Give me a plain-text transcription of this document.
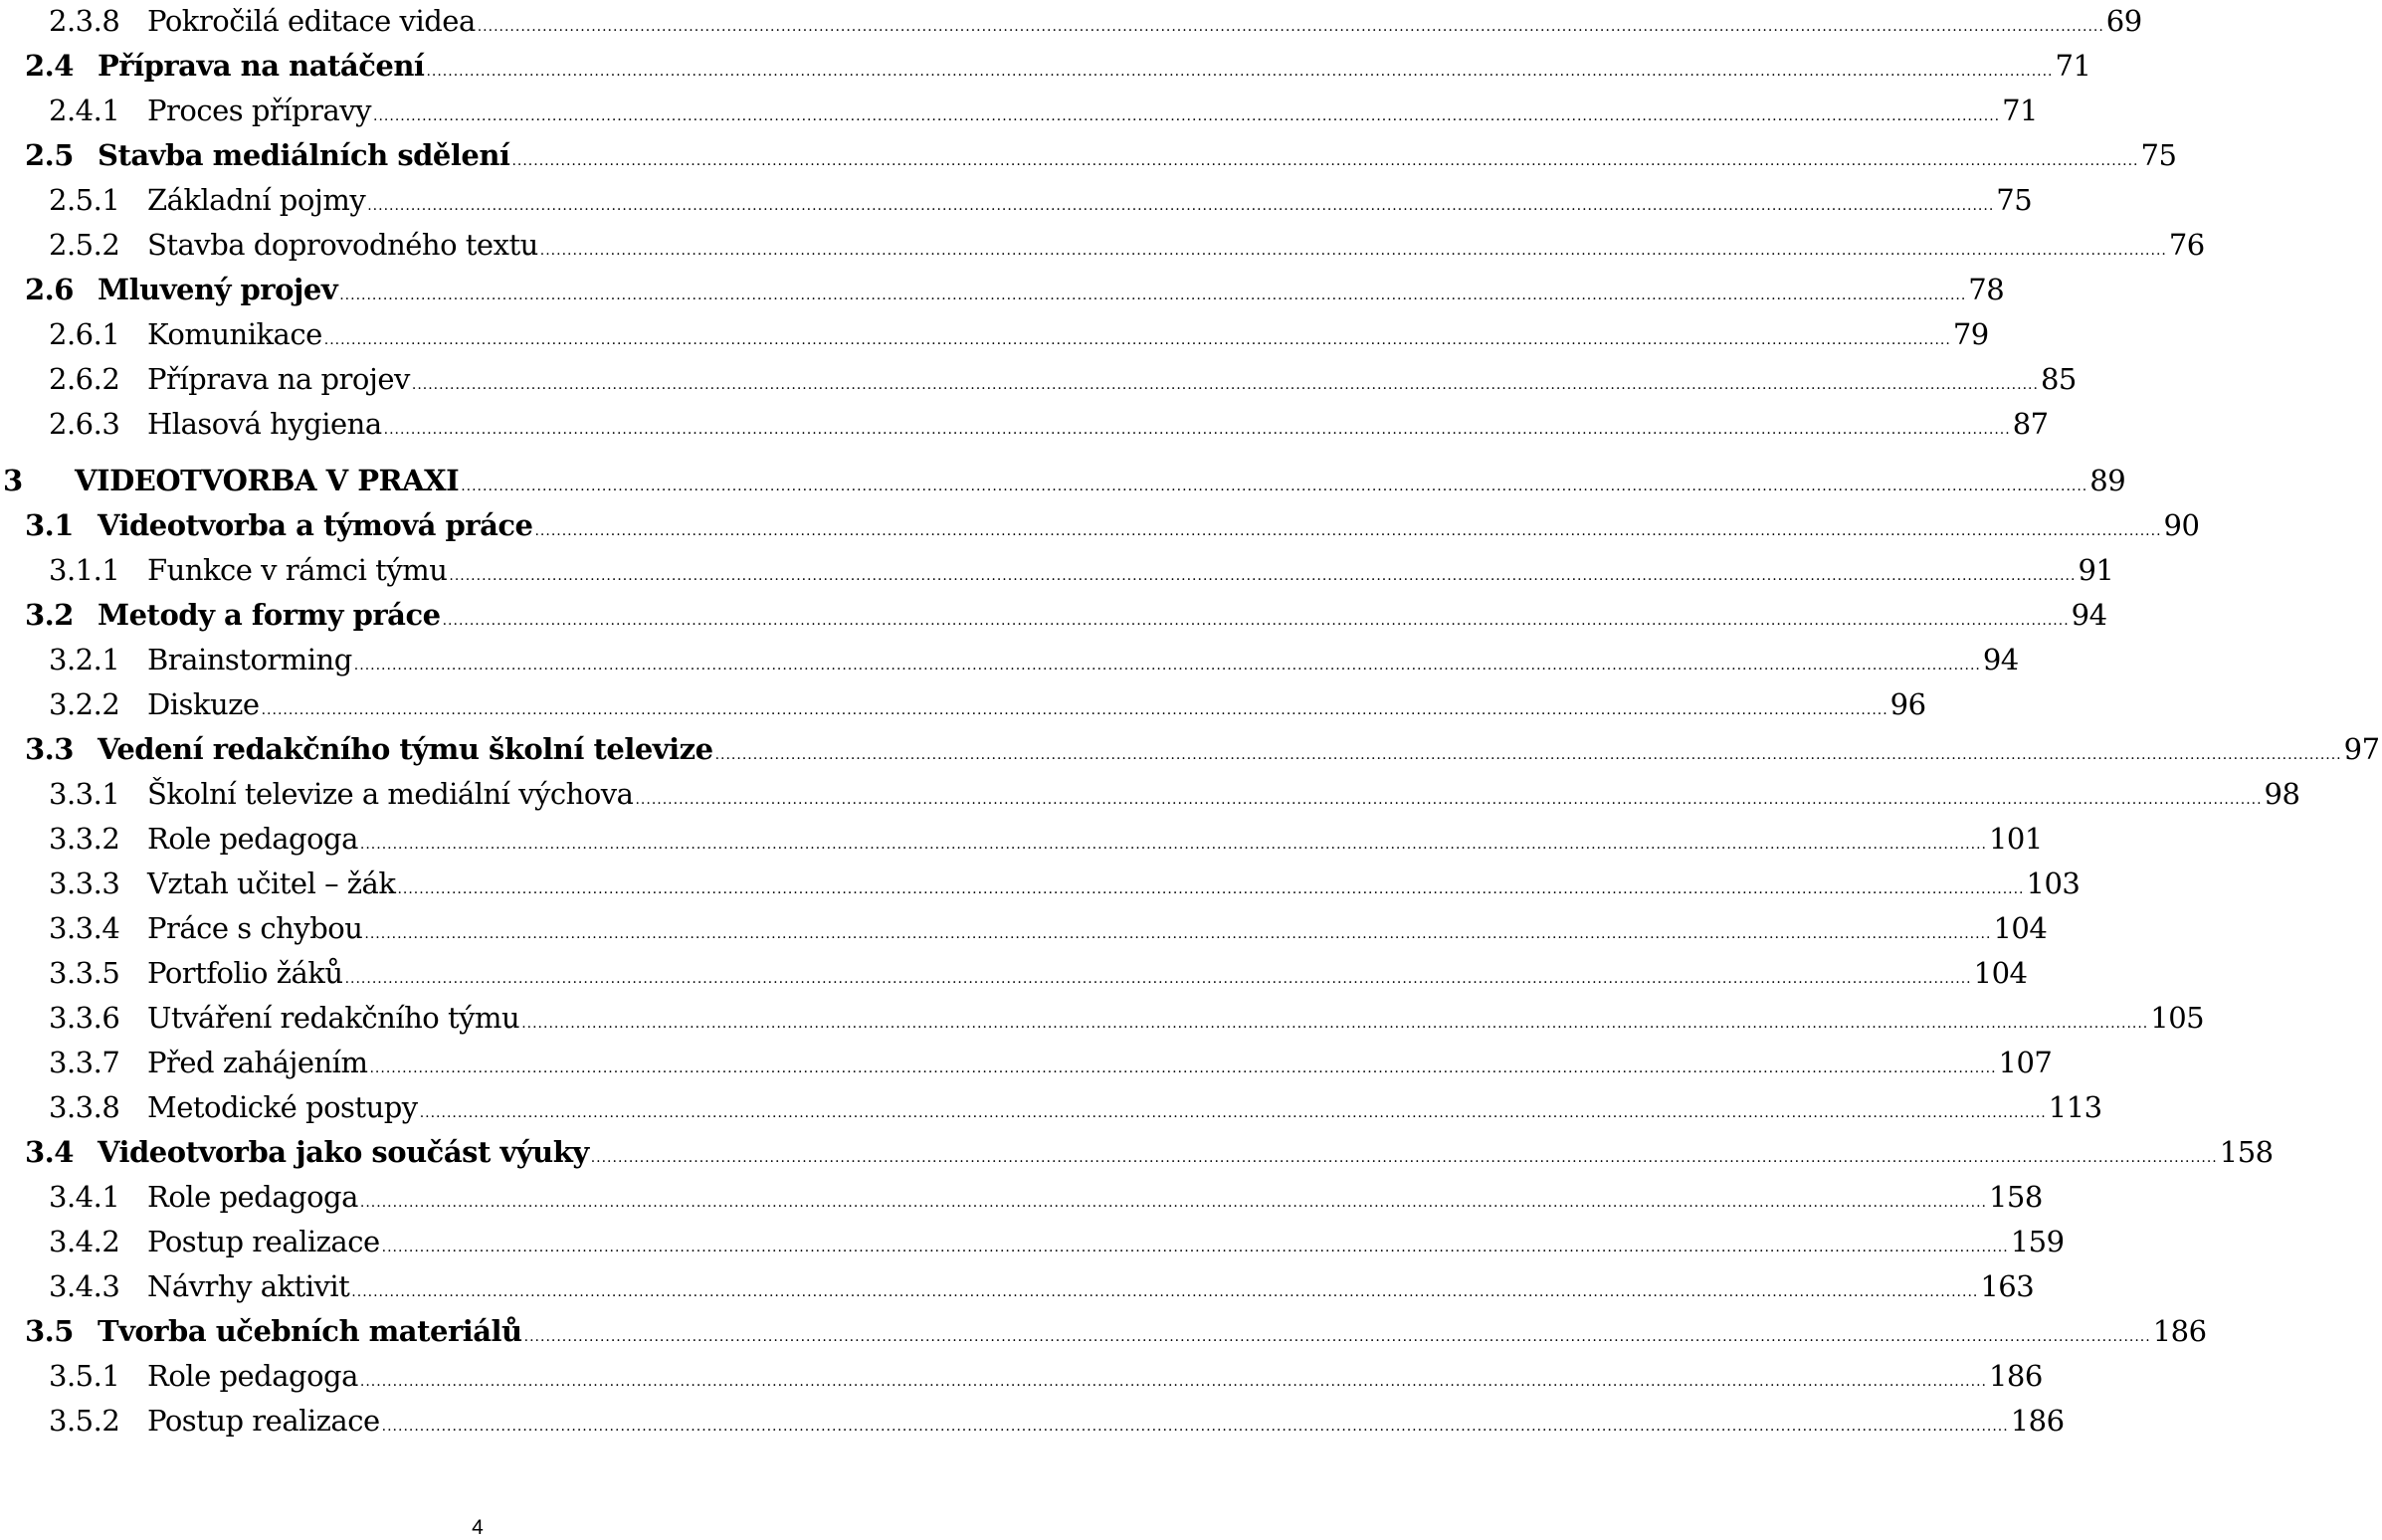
2.3.8 Pokročilá editace videa ............................................................................................................................................................................................................................................................................................................ 69
2.4 Příprava na natáčení ............................................................................................................................................................................................................................................................................................................ 71
2.4.1 Proces přípravy ............................................................................................................................................................................................................................................................................................................ 71
2.5 Stavba mediálních sdělení ............................................................................................................................................................................................................................................................................................................ 75
2.5.1 Základní pojmy ............................................................................................................................................................................................................................................................................................................ 75
2.5.2 Stavba doprovodného textu ............................................................................................................................................................................................................................................................................................................ 76
2.6 Mluvený projev ............................................................................................................................................................................................................................................................................................................ 78
2.6.1 Komunikace ............................................................................................................................................................................................................................................................................................................ 79
2.6.2 Příprava na projev ............................................................................................................................................................................................................................................................................................................ 85
2.6.3 Hlasová hygiena ............................................................................................................................................................................................................................................................................................................ 87
3	VIDEOTVORBA V PRAXI ............................................................................................................................................................................................................................................................................................................ 89
3.1 Videotvorba a týmová práce ............................................................................................................................................................................................................................................................................................................ 90
3.1.1 Funkce v rámci týmu ............................................................................................................................................................................................................................................................................................................ 91
3.2 Metody a formy práce ............................................................................................................................................................................................................................................................................................................ 94
3.2.1 Brainstorming ............................................................................................................................................................................................................................................................................................................ 94
3.2.2 Diskuze ............................................................................................................................................................................................................................................................................................................ 96
3.3 Vedení redakčního týmu školní televize ............................................................................................................................................................................................................................................................................................................ 97
3.3.1 Školní televize a mediální výchova ............................................................................................................................................................................................................................................................................................................ 98
3.3.2 Role pedagoga ............................................................................................................................................................................................................................................................................................................ 101
3.3.3 Vztah učitel – žák ............................................................................................................................................................................................................................................................................................................ 103
3.3.4 Práce s chybou ............................................................................................................................................................................................................................................................................................................ 104
3.3.5 Portfolio žáků ............................................................................................................................................................................................................................................................................................................ 104
3.3.6 Utváření redakčního týmu ............................................................................................................................................................................................................................................................................................................ 105
3.3.7 Před zahájením ............................................................................................................................................................................................................................................................................................................ 107
3.3.8 Metodické postupy ............................................................................................................................................................................................................................................................................................................ 113
3.4 Videotvorba jako součást výuky ............................................................................................................................................................................................................................................................................................................ 158
3.4.1 Role pedagoga ............................................................................................................................................................................................................................................................................................................ 158
3.4.2 Postup realizace ............................................................................................................................................................................................................................................................................................................ 159
3.4.3 Návrhy aktivit ............................................................................................................................................................................................................................................................................................................ 163
3.5 Tvorba učebních materiálů ............................................................................................................................................................................................................................................................................................................ 186
3.5.1 Role pedagoga ............................................................................................................................................................................................................................................................................................................ 186
3.5.2 Postup realizace ............................................................................................................................................................................................................................................................................................................ 186
4
